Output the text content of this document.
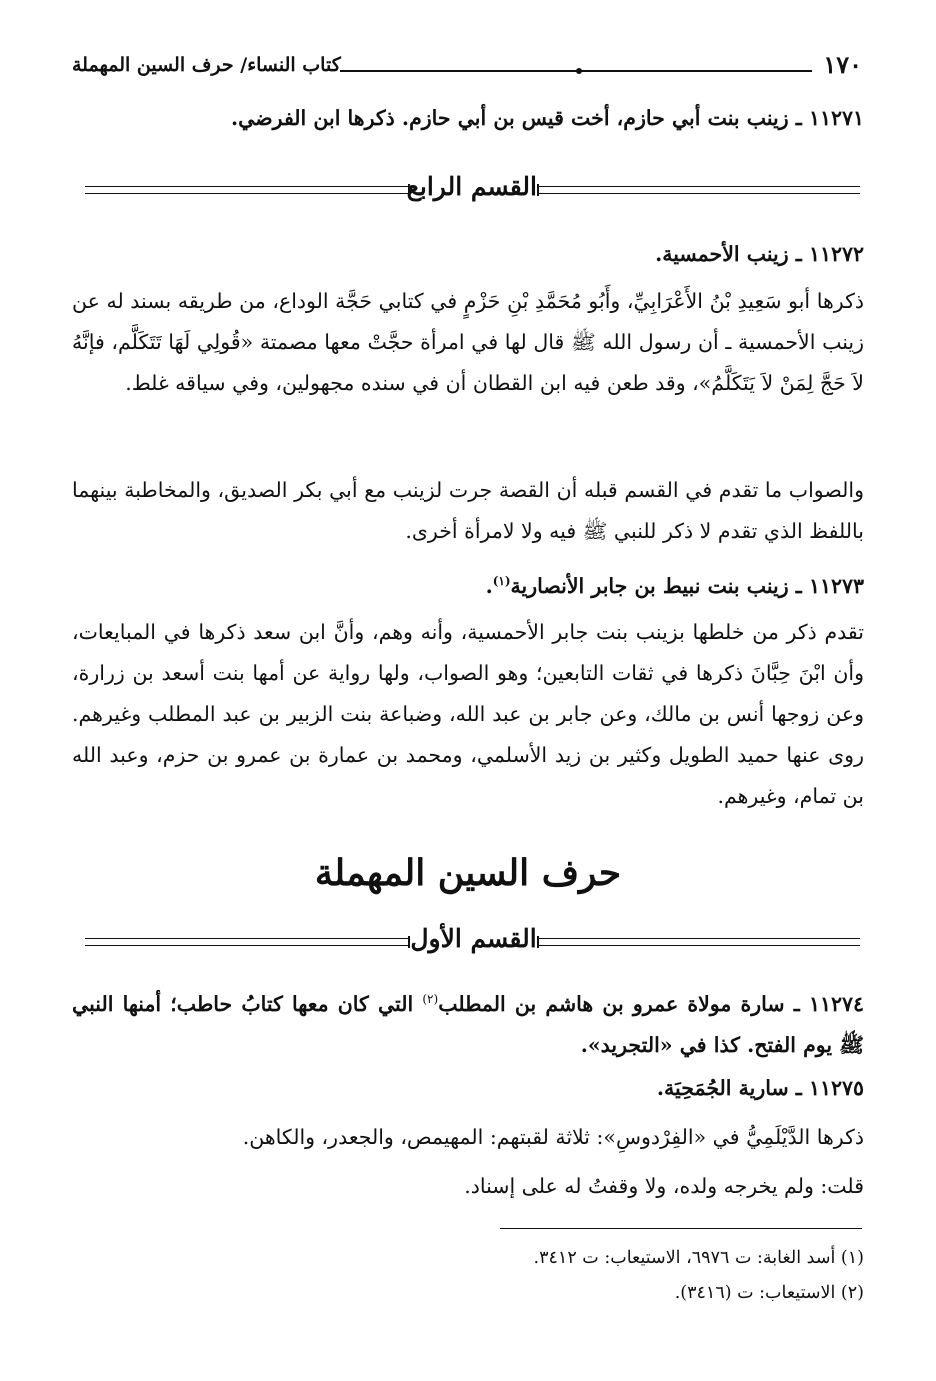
١٧٠
كتاب النساء/ حرف السين المهملة

١١٢٧١ ـ زينب بنت أبي حازم، أخت قيس بن أبي حازم. ذكرها ابن الفرضي.

القسم الرابع

١١٢٧٢ ـ زينب الأحمسية.

ذكرها أبو سَعِيدِ بْنُ الأَعْرَابِيِّ، وأَبُو مُحَمَّدِ بْنِ حَزْمٍ في كتابي حَجَّة الوداع، من طريقه بسند له عن زينب الأحمسية ـ أن رسول الله ﷺ قال لها في امرأة حجَّتْ معها مصمتة «قُولِي لَهَا تَتَكَلَّم، فإنَّهُ لاَ حَجَّ لِمَنْ لاَ يَتَكَلَّمُ»، وقد طعن فيه ابن القطان أن في سنده مجهولين، وفي سياقه غلط.

والصواب ما تقدم في القسم قبله أن القصة جرت لزينب مع أبي بكر الصديق، والمخاطبة بينهما باللفظ الذي تقدم لا ذكر للنبي ﷺ فيه ولا لامرأة أخرى.

١١٢٧٣ ـ زينب بنت نبيط بن جابر الأنصارية$^{(١)}$.

تقدم ذكر من خلطها بزينب بنت جابر الأحمسية، وأنه وهم، وأنَّ ابن سعد ذكرها في المبايعات، وأن ابْنَ حِبَّانَ ذكرها في ثقات التابعين؛ وهو الصواب، ولها رواية عن أمها بنت أسعد بن زرارة، وعن زوجها أنس بن مالك، وعن جابر بن عبد الله، وضباعة بنت الزبير بن عبد المطلب وغيرهم. روى عنها حميد الطويل وكثير بن زيد الأسلمي، ومحمد بن عمارة بن عمرو بن حزم، وعبد الله بن تمام، وغيرهم.

حرف السين المهملة
القسم الأول

١١٢٧٤ ـ سارة مولاة عمرو بن هاشم بن المطلب$^{(٢)}$ التي كان معها كتابُ حاطب؛ أمنها النبي ﷺ يوم الفتح. كذا في «التجريد».

١١٢٧٥ ـ سارية الجُمَحِيَة.

ذكرها الدَّيْلَمِيُّ في «الفِرْدوسِ»: ثلاثة لقبتهم: المهيمص، والجعدر، والكاهن.

قلت: ولم يخرجه ولده، ولا وقفتُ له على إسناد.

(١) أسد الغابة: ت ٦٩٧٦، الاستيعاب: ت ٣٤١٢.
(٢) الاستيعاب: ت (٣٤١٦).
